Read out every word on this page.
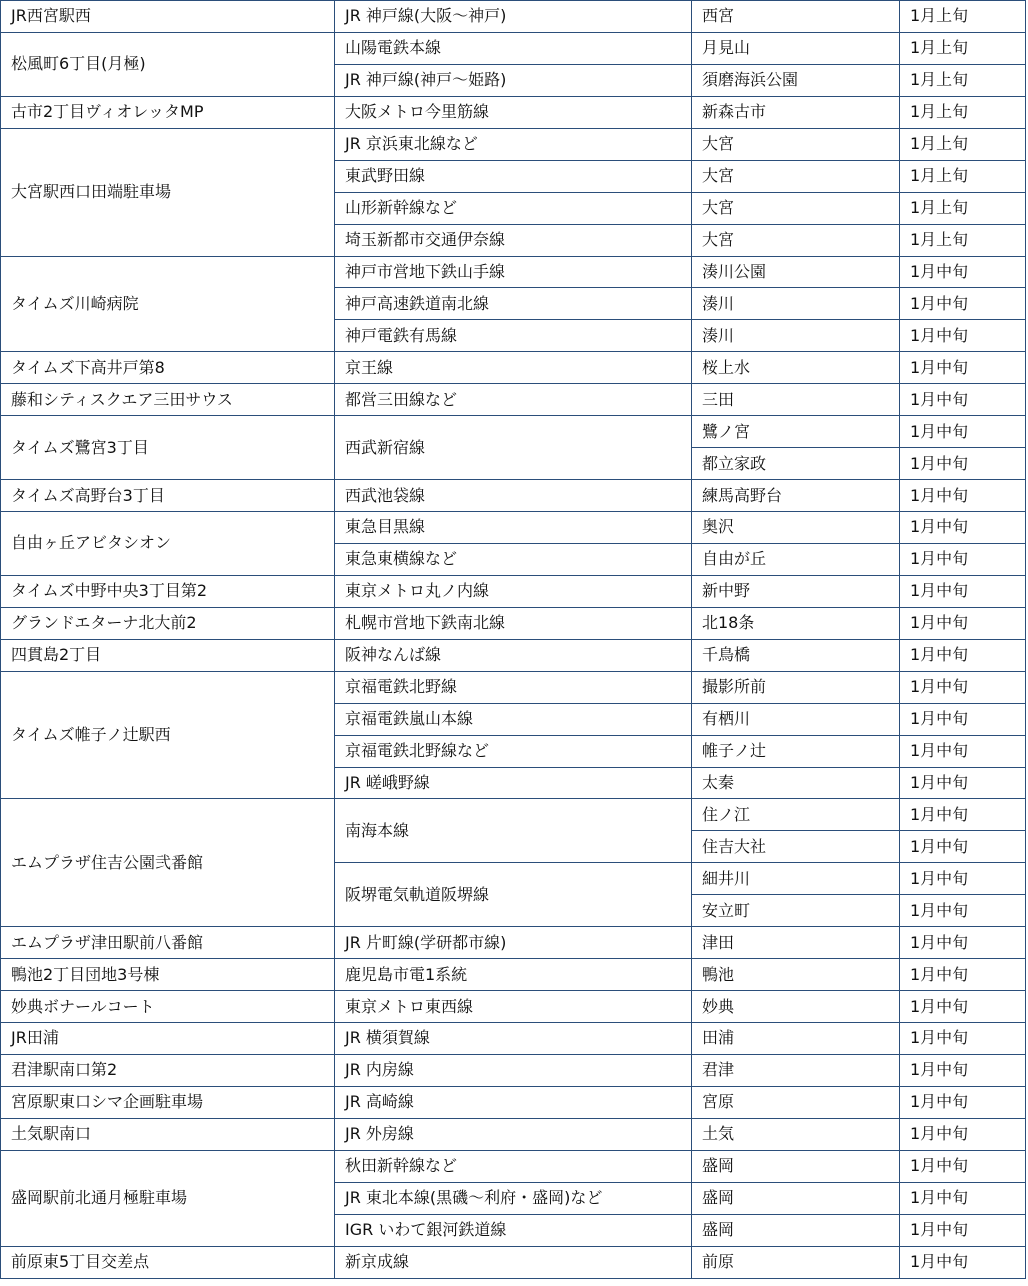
JR西宮駅西	JR 神戸線(大阪～神戸)	西宮	1月上旬
松風町6丁目(月極)	山陽電鉄本線	月見山	1月上旬
	JR 神戸線(神戸～姫路)	須磨海浜公園	1月上旬
古市2丁目ヴィオレッタMP	大阪メトロ今里筋線	新森古市	1月上旬
大宮駅西口田端駐車場	JR 京浜東北線など	大宮	1月上旬
	東武野田線	大宮	1月上旬
	山形新幹線など	大宮	1月上旬
	埼玉新都市交通伊奈線	大宮	1月上旬
タイムズ川崎病院	神戸市営地下鉄山手線	湊川公園	1月中旬
	神戸高速鉄道南北線	湊川	1月中旬
	神戸電鉄有馬線	湊川	1月中旬
タイムズ下高井戸第8	京王線	桜上水	1月中旬
藤和シティスクエア三田サウス	都営三田線など	三田	1月中旬
タイムズ鷺宮3丁目	西武新宿線	鷺ノ宮	1月中旬
		都立家政	1月中旬
タイムズ高野台3丁目	西武池袋線	練馬高野台	1月中旬
自由ヶ丘アビタシオン	東急目黒線	奥沢	1月中旬
	東急東横線など	自由が丘	1月中旬
タイムズ中野中央3丁目第2	東京メトロ丸ノ内線	新中野	1月中旬
グランドエターナ北大前2	札幌市営地下鉄南北線	北18条	1月中旬
四貫島2丁目	阪神なんば線	千鳥橋	1月中旬
タイムズ帷子ノ辻駅西	京福電鉄北野線	撮影所前	1月中旬
	京福電鉄嵐山本線	有栖川	1月中旬
	京福電鉄北野線など	帷子ノ辻	1月中旬
	JR 嵯峨野線	太秦	1月中旬
エムプラザ住吉公園弐番館	南海本線	住ノ江	1月中旬
		住吉大社	1月中旬
	阪堺電気軌道阪堺線	細井川	1月中旬
		安立町	1月中旬
エムプラザ津田駅前八番館	JR 片町線(学研都市線)	津田	1月中旬
鴨池2丁目団地3号棟	鹿児島市電1系統	鴨池	1月中旬
妙典ボナールコート	東京メトロ東西線	妙典	1月中旬
JR田浦	JR 横須賀線	田浦	1月中旬
君津駅南口第2	JR 内房線	君津	1月中旬
宮原駅東口シマ企画駐車場	JR 高崎線	宮原	1月中旬
土気駅南口	JR 外房線	土気	1月中旬
盛岡駅前北通月極駐車場	秋田新幹線など	盛岡	1月中旬
	JR 東北本線(黒磯～利府・盛岡)など	盛岡	1月中旬
	IGR いわて銀河鉄道線	盛岡	1月中旬
前原東5丁目交差点	新京成線	前原	1月中旬
